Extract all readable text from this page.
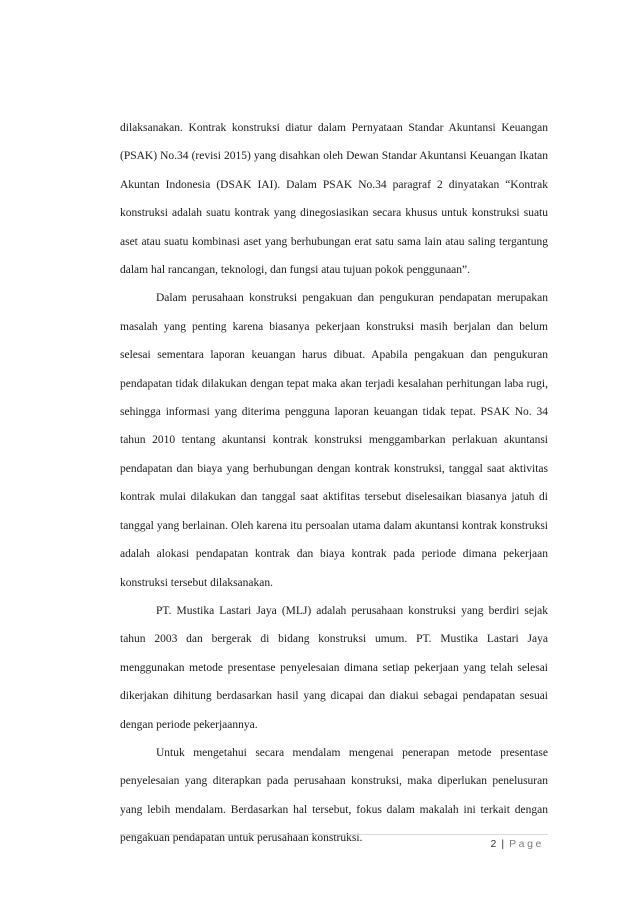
dilaksanakan. Kontrak konstruksi diatur dalam Pernyataan Standar Akuntansi Keuangan (PSAK) No.34 (revisi 2015) yang disahkan oleh Dewan Standar Akuntansi Keuangan Ikatan Akuntan Indonesia (DSAK IAI). Dalam PSAK No.34 paragraf 2 dinyatakan “Kontrak konstruksi adalah suatu kontrak yang dinegosiasikan secara khusus untuk konstruksi suatu aset atau suatu kombinasi aset yang berhubungan erat satu sama lain atau saling tergantung dalam hal rancangan, teknologi, dan fungsi atau tujuan pokok penggunaan”.

Dalam perusahaan konstruksi pengakuan dan pengukuran pendapatan merupakan masalah yang penting karena biasanya pekerjaan konstruksi masih berjalan dan belum selesai sementara laporan keuangan harus dibuat. Apabila pengakuan dan pengukuran pendapatan tidak dilakukan dengan tepat maka akan terjadi kesalahan perhitungan laba rugi, sehingga informasi yang diterima pengguna laporan keuangan tidak tepat. PSAK No. 34 tahun 2010 tentang akuntansi kontrak konstruksi menggambarkan perlakuan akuntansi pendapatan dan biaya yang berhubungan dengan kontrak konstruksi, tanggal saat aktivitas kontrak mulai dilakukan dan tanggal saat aktifitas tersebut diselesaikan biasanya jatuh di tanggal yang berlainan. Oleh karena itu persoalan utama dalam akuntansi kontrak konstruksi adalah alokasi pendapatan kontrak dan biaya kontrak pada periode dimana pekerjaan konstruksi tersebut dilaksanakan.

PT. Mustika Lastari Jaya (MLJ) adalah perusahaan konstruksi yang berdiri sejak tahun 2003 dan bergerak di bidang konstruksi umum. PT. Mustika Lastari Jaya menggunakan metode presentase penyelesaian dimana setiap pekerjaan yang telah selesai dikerjakan dihitung berdasarkan hasil yang dicapai dan diakui sebagai pendapatan sesuai dengan periode pekerjaannya.

Untuk mengetahui secara mendalam mengenai penerapan metode presentase penyelesaian yang diterapkan pada perusahaan konstruksi, maka diperlukan penelusuran yang lebih mendalam. Berdasarkan hal tersebut, fokus dalam makalah ini terkait dengan pengakuan pendapatan untuk perusahaan konstruksi.	2 | Page
